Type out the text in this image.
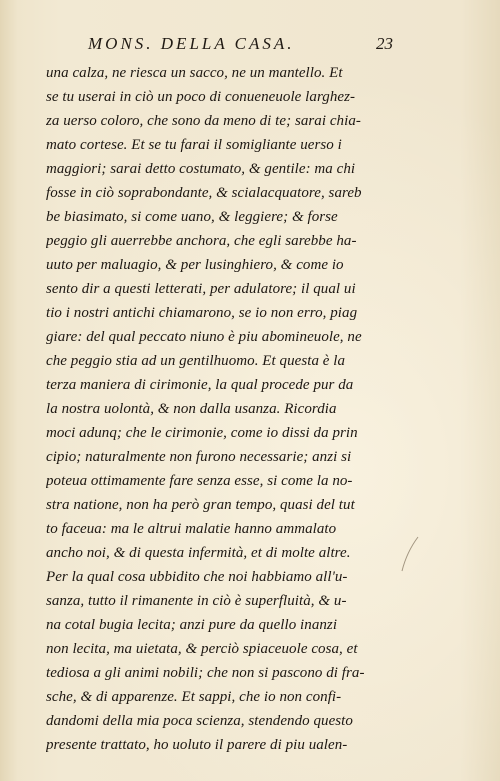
MONS. DELLA CASA.	23
una calza, ne riesca un sacco, ne un mantello. Et
se tu userai in ciò un poco di conueneuole larghez-
za uerso coloro, che sono da meno di te; sarai chia-
mato cortese. Et se tu farai il somigliante uerso i
maggiori; sarai detto costumato, & gentile: ma chi
fosse in ciò soprabondante, & scialacquatore, sareb
be biasimato, si come uano, & leggiere; & forse
peggio gli auerrebbe anchora, che egli sarebbe ha-
uuto per maluagio, & per lusinghiero, & come io
sento dir a questi letterati, per adulatore; il qual ui
tio i nostri antichi chiamarono, se io non erro, piag
giare: del qual peccato niuno è piu abomineuole, ne
che peggio stia ad un gentilhuomo. Et questa è la
terza maniera di cirimonie, la qual procede pur da
la nostra uolontà, & non dalla usanza. Ricordia
moci adunq; che le cirimonie, come io dissi da prin
cipio; naturalmente non furono necessarie; anzi si
poteua ottimamente fare senza esse, si come la no-
stra natione, non ha però gran tempo, quasi del tut
to faceua: ma le altrui malatie hanno ammalato
ancho noi, & di questa infermità, et di molte altre.
Per la qual cosa ubbidito che noi habbiamo all'u-
sanza, tutto il rimanente in ciò è superfluità, & u-
na cotal bugia lecita; anzi pure da quello inanzi
non lecita, ma uietata, & perciò spiaceuole cosa, et
tediosa a gli animi nobili; che non si pascono di fra-
sche, & di apparenze. Et sappi, che io non confi-
dandomi della mia poca scienza, stendendo questo
presente trattato, ho uoluto il parere di piu ualen-
